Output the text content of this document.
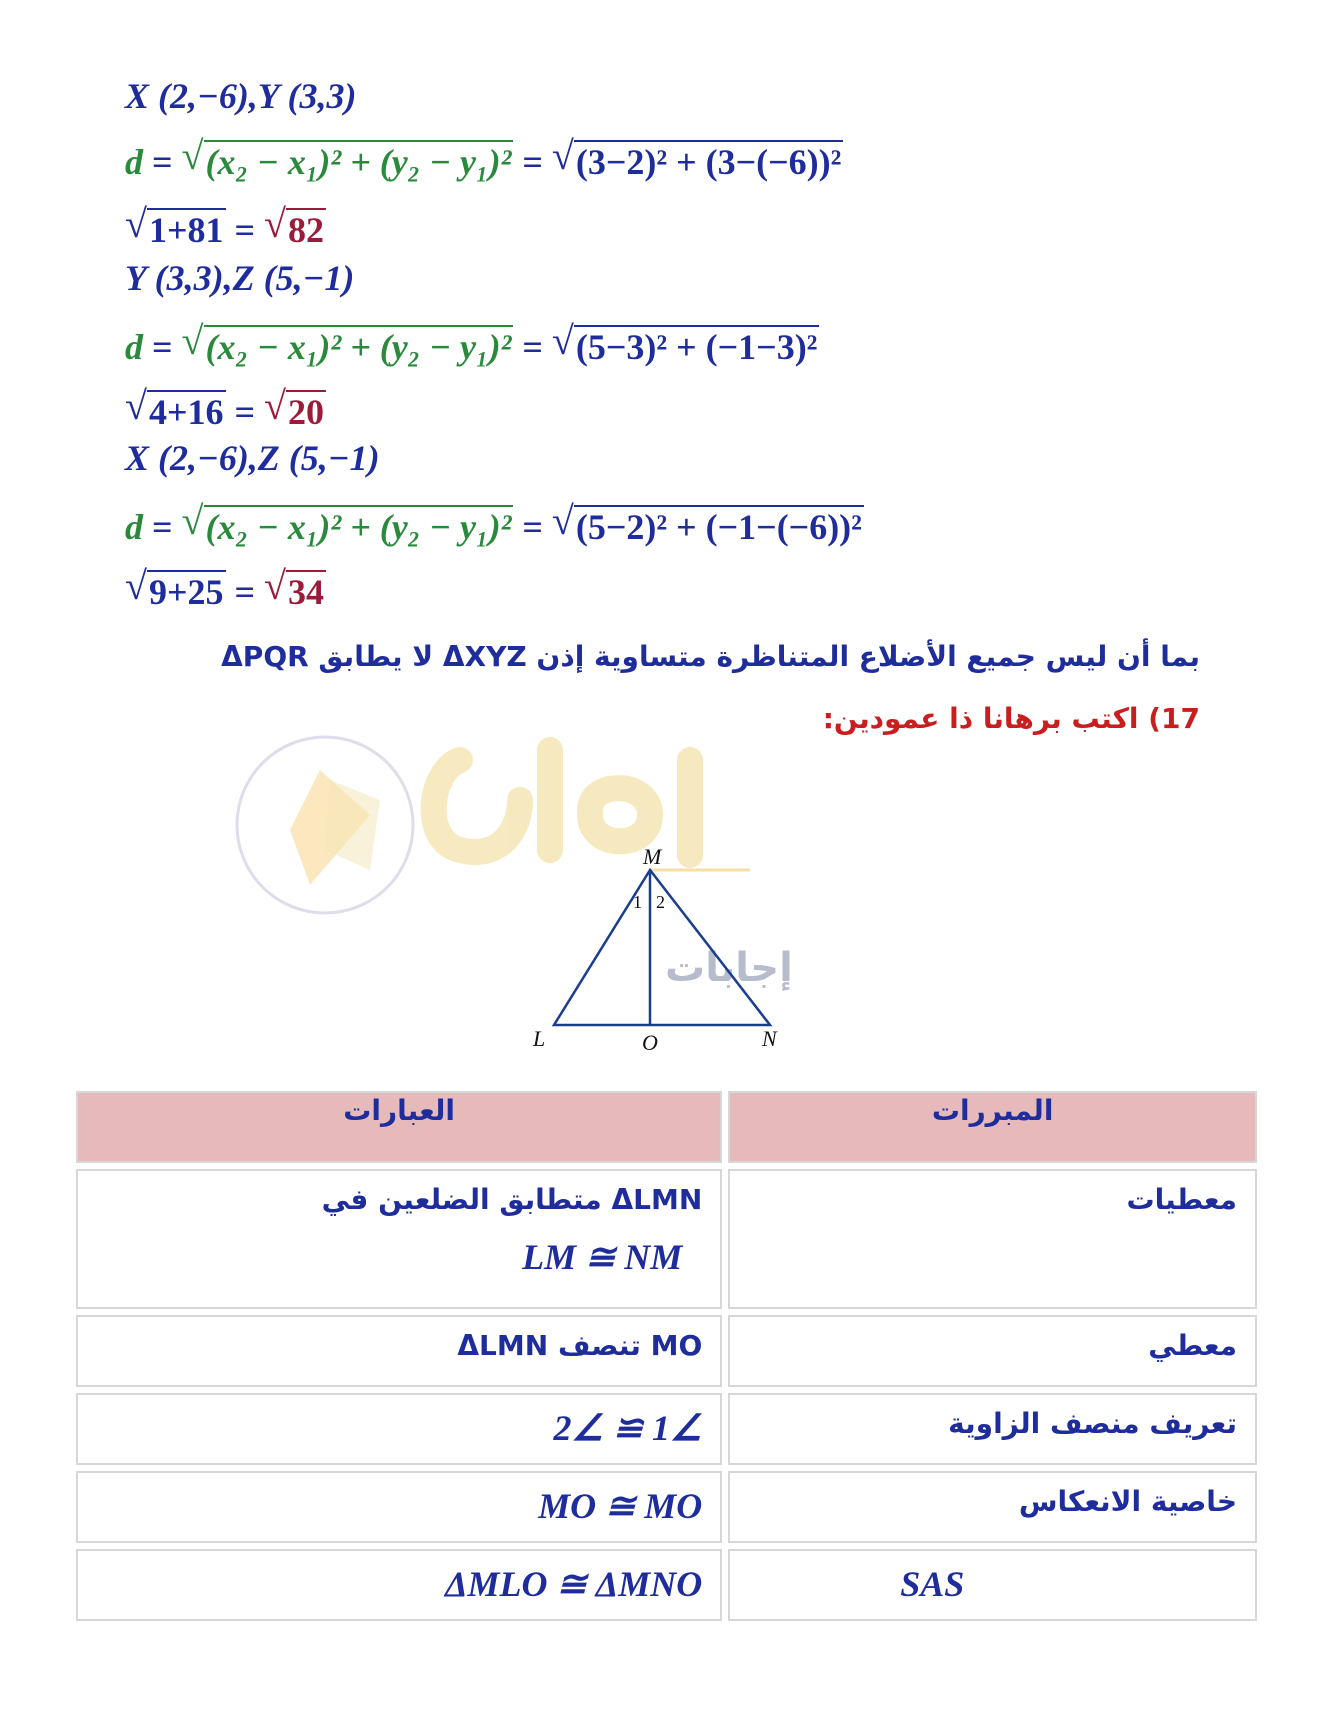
X (2,−6),Y (3,3)
d = √ (x₂ − x₁)² + (y₂ − y₁)² = √ (3−2)² + (3−(−6))²
√ 1+81 = √ 82
Y (3,3),Z (5,−1)
d = √ (x₂ − x₁)² + (y₂ − y₁)² = √ (5−3)² + (−1−3)²
√ 4+16 = √ 20
X (2,−6),Z (5,−1)
d = √ (x₂ − x₁)² + (y₂ − y₁)² = √ (5−2)² + (−1−(−6))²
√ 9+25 = √ 34
بما أن ليس جميع الأضلاع المتناظرة متساوية إذن ΔXYZ لا يطابق ΔPQR
17) اكتب برهانا ذا عمودين:
إجابات
M
L	O	N
1 2
العبارات	المبررات

ΔLMN متطابق الضلعين في
LM ≅ NM	معطيات
MO تنصف ΔLMN	معطي
∠1 ≅ ∠2	تعريف منصف الزاوية
MO ≅ MO	خاصية الانعكاس
ΔMLO ≅ ΔMNO	SAS
